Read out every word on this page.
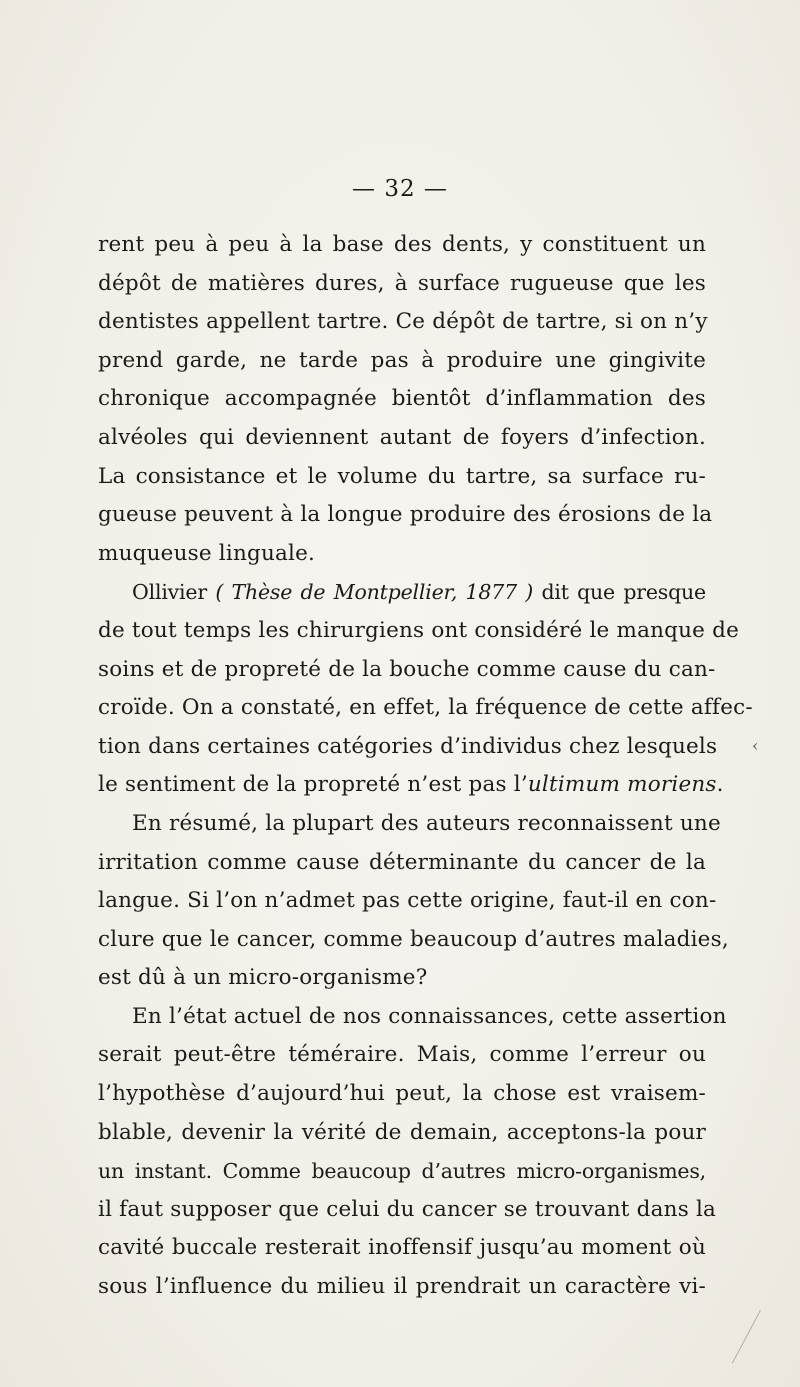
— 32 —
rent peu à peu à la base des dents, y constituent un
dépôt de matières dures, à surface rugueuse que les
dentistes appellent tartre. Ce dépôt de tartre, si on n’y
prend garde, ne tarde pas à produire une gingivite
chronique accompagnée bientôt d’inflammation des
alvéoles qui deviennent autant de foyers d’infection.
La consistance et le volume du tartre, sa surface ru-
gueuse peuvent à la longue produire des érosions de la
muqueuse linguale.
Ollivier ( Thèse de Montpellier, 1877 ) dit que presque
de tout temps les chirurgiens ont considéré le manque de
soins et de propreté de la bouche comme cause du can-
croïde. On a constaté, en effet, la fréquence de cette affec-
tion dans certaines catégories d’individus chez lesquels
le sentiment de la propreté n’est pas l’ultimum moriens.
En résumé, la plupart des auteurs reconnaissent une
irritation comme cause déterminante du cancer de la
langue. Si l’on n’admet pas cette origine, faut-il en con-
clure que le cancer, comme beaucoup d’autres maladies,
est dû à un micro-organisme?
En l’état actuel de nos connaissances, cette assertion
serait peut-être téméraire. Mais, comme l’erreur ou
l’hypothèse d’aujourd’hui peut, la chose est vraisem-
blable, devenir la vérité de demain, acceptons-la pour
un instant. Comme beaucoup d’autres micro-organismes,
il faut supposer que celui du cancer se trouvant dans la
cavité buccale resterait inoffensif jusqu’au moment où
sous l’influence du milieu il prendrait un caractère vi-
‹
